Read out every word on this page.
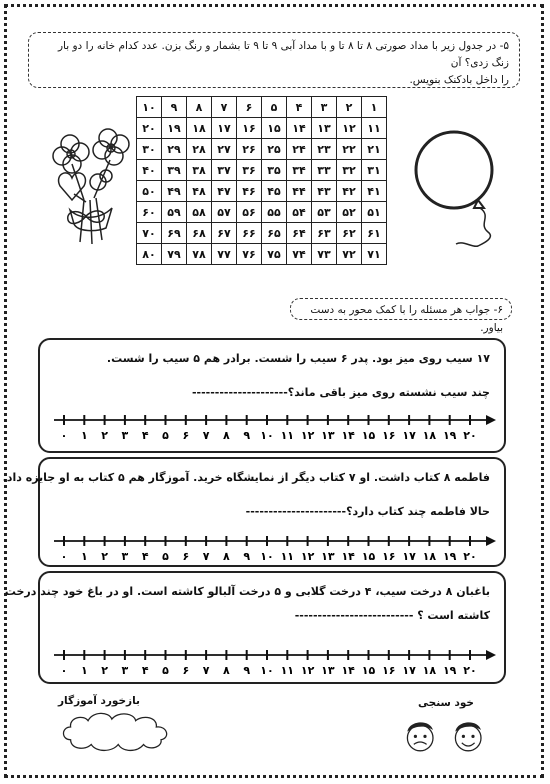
۵- در جدول زیر با مداد صورتی ۸ تا ۸ تا و با مداد آبی ۹ تا ۹ تا بشمار و رنگ بزن. عدد کدام خانه را دو بار زنگ زدی؟ آن
را داخل بادکنک بنویس.
۱۰	۹	۸	۷	۶	۵	۴	۳	۲	۱
۲۰	۱۹	۱۸	۱۷	۱۶	۱۵	۱۴	۱۳	۱۲	۱۱
۳۰	۲۹	۲۸	۲۷	۲۶	۲۵	۲۴	۲۳	۲۲	۲۱
۴۰	۳۹	۳۸	۳۷	۳۶	۳۵	۳۴	۳۳	۳۲	۳۱
۵۰	۴۹	۴۸	۴۷	۴۶	۴۵	۴۴	۴۳	۴۲	۴۱
۶۰	۵۹	۵۸	۵۷	۵۶	۵۵	۵۴	۵۳	۵۲	۵۱
۷۰	۶۹	۶۸	۶۷	۶۶	۶۵	۶۴	۶۳	۶۲	۶۱
۸۰	۷۹	۷۸	۷۷	۷۶	۷۵	۷۴	۷۳	۷۲	۷۱
۶- جواب هر مسئله را با کمک محور به دست بیاور.
۱۷ سیب روی میز بود. پدر ۶ سیب را شست. برادر هم ۵ سیب را شست.
چند سیب نشسته روی میز باقی ماند؟---------------------
۰ ۱ ۲ ۳ ۴ ۵ ۶ ۷ ۸ ۹ ۱۰ ۱۱ ۱۲ ۱۳ ۱۴ ۱۵ ۱۶ ۱۷ ۱۸ ۱۹ ۲۰
فاطمه ۸ کتاب داشت. او ۷ کتاب دیگر از نمایشگاه خرید. آموزگار هم ۵ کتاب به او جایزه داد.
حالا فاطمه چند کتاب دارد؟----------------------
۰ ۱ ۲ ۳ ۴ ۵ ۶ ۷ ۸ ۹ ۱۰ ۱۱ ۱۲ ۱۳ ۱۴ ۱۵ ۱۶ ۱۷ ۱۸ ۱۹ ۲۰
باغبان ۸ درخت سیب، ۴ درخت گلابی و ۵ درخت آلبالو کاشته است. او در باغ خود چند درخت
کاشته است ؟ --------------------------
۰ ۱ ۲ ۳ ۴ ۵ ۶ ۷ ۸ ۹ ۱۰ ۱۱ ۱۲ ۱۳ ۱۴ ۱۵ ۱۶ ۱۷ ۱۸ ۱۹ ۲۰
بازخورد آموزگار	خود سنجی
